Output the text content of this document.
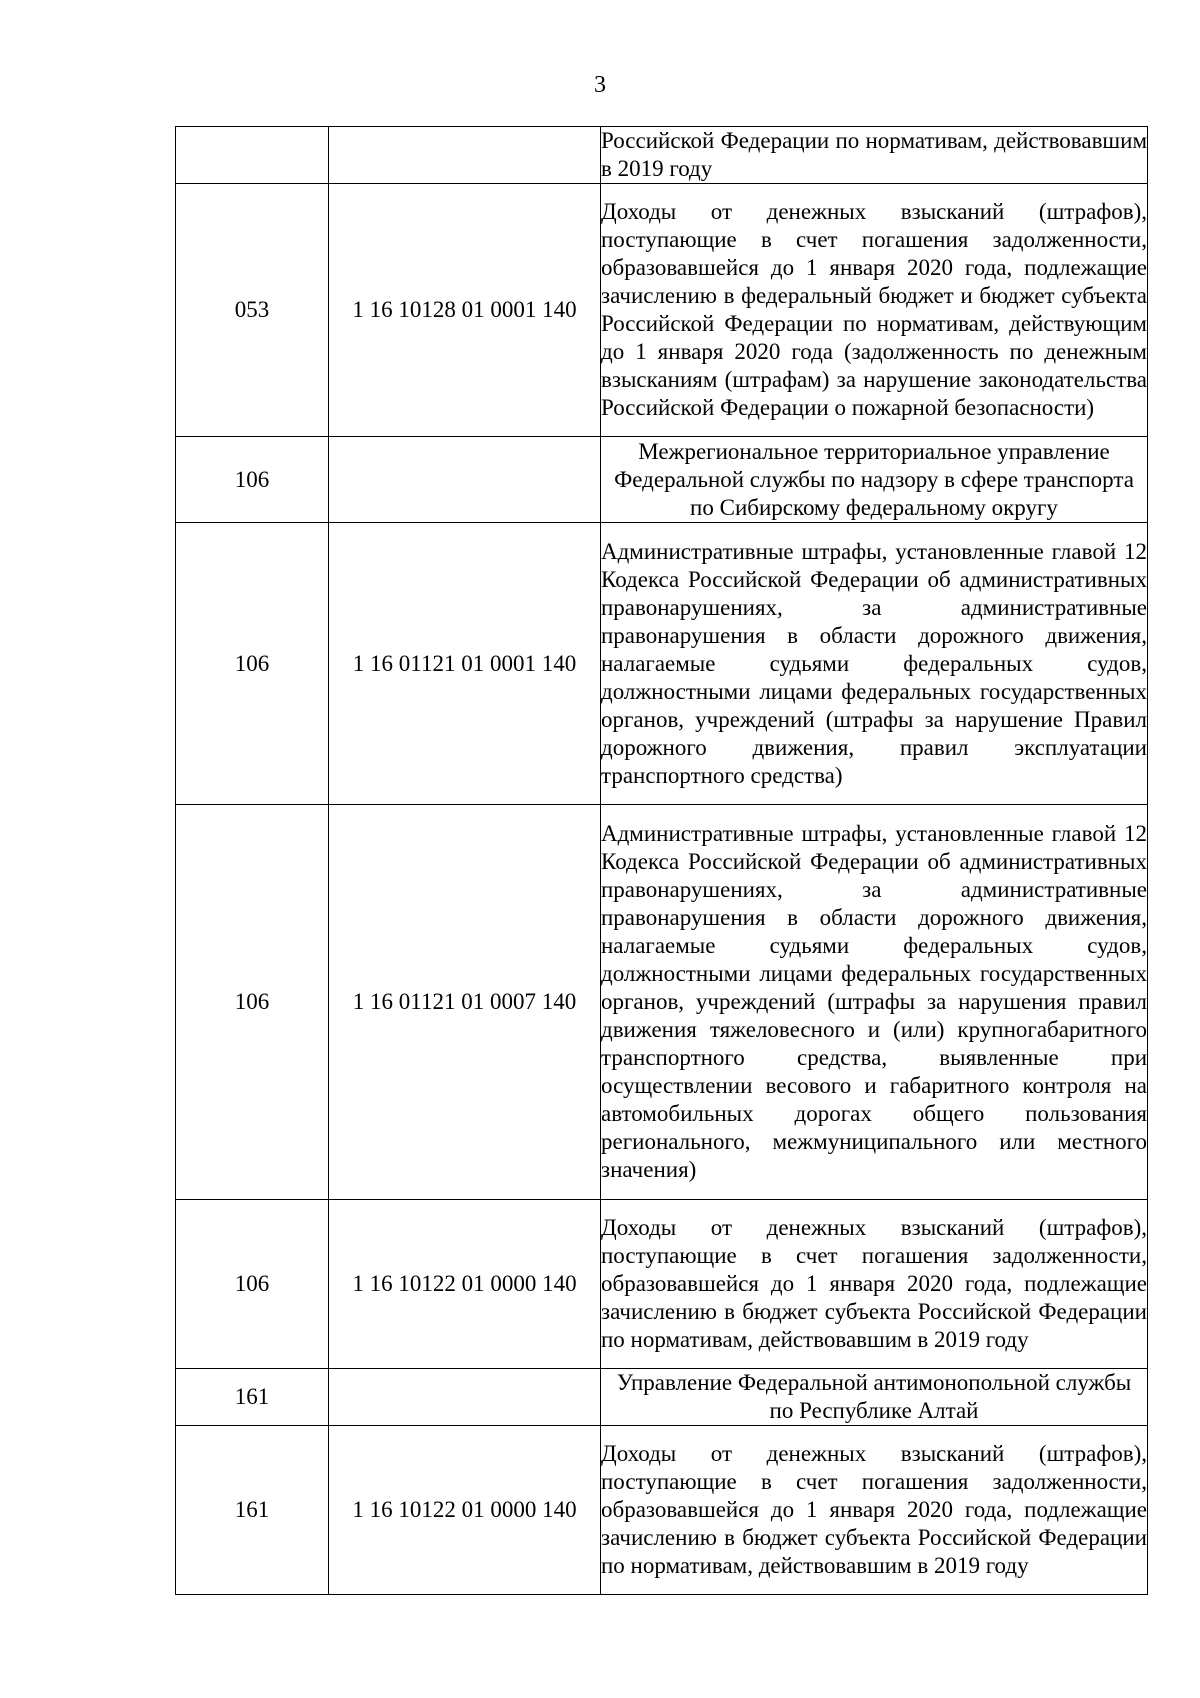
3
		Российской Федерации по нормативам, действовавшим в 2019 году
053	1 16 10128 01 0001 140	Доходы от денежных взысканий (штрафов), поступающие в счет погашения задолженности, образовавшейся до 1 января 2020 года, подлежащие зачислению в федеральный бюджет и бюджет субъекта Российской Федерации по нормативам, действующим до 1 января 2020 года (задолженность по денежным взысканиям (штрафам) за нарушение законодательства Российской Федерации о пожарной безопасности)
106		Межрегиональное территориальное управление Федеральной службы по надзору в сфере транспорта по Сибирскому федеральному округу
106	1 16 01121 01 0001 140	Административные штрафы, установленные главой 12 Кодекса Российской Федерации об административных правонарушениях, за административные правонарушения в области дорожного движения, налагаемые судьями федеральных судов, должностными лицами федеральных государственных органов, учреждений (штрафы за нарушение Правил дорожного движения, правил эксплуатации транспортного средства)
106	1 16 01121 01 0007 140	Административные штрафы, установленные главой 12 Кодекса Российской Федерации об административных правонарушениях, за административные правонарушения в области дорожного движения, налагаемые судьями федеральных судов, должностными лицами федеральных государственных органов, учреждений (штрафы за нарушения правил движения тяжеловесного и (или) крупногабаритного транспортного средства, выявленные при осуществлении весового и габаритного контроля на автомобильных дорогах общего пользования регионального, межмуниципального или местного значения)
106	1 16 10122 01 0000 140	Доходы от денежных взысканий (штрафов), поступающие в счет погашения задолженности, образовавшейся до 1 января 2020 года, подлежащие зачислению в бюджет субъекта Российской Федерации по нормативам, действовавшим в 2019 году
161		Управление Федеральной антимонопольной службы по Республике Алтай
161	1 16 10122 01 0000 140	Доходы от денежных взысканий (штрафов), поступающие в счет погашения задолженности, образовавшейся до 1 января 2020 года, подлежащие зачислению в бюджет субъекта Российской Федерации по нормативам, действовавшим в 2019 году
